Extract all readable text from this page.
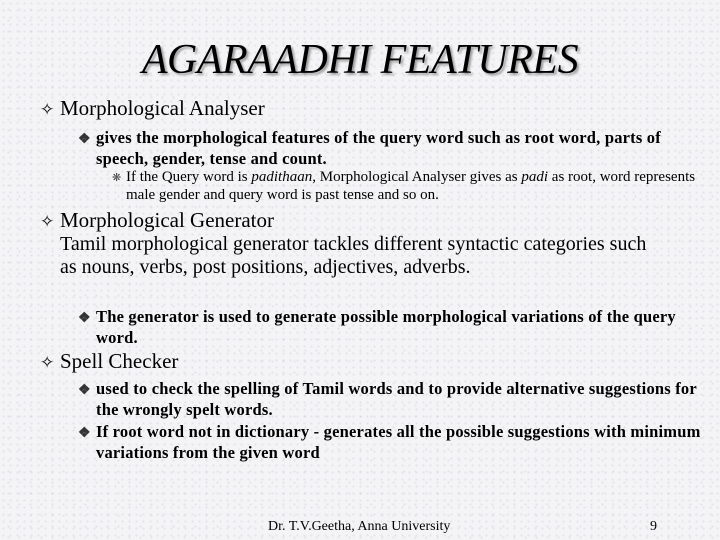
AGARAADHI FEATURES
✧ Morphological Analyser
❖ gives the morphological features of the query word such as root word, parts of speech, gender, tense and count.
❋ If the Query word is padithaan, Morphological Analyser gives as padi as root, word represents male gender and query word is past tense and so on.
✧ Morphological Generator
Tamil morphological generator tackles different syntactic categories such as nouns, verbs, post positions, adjectives, adverbs.
❖ The generator is used to generate possible morphological variations of the query word.
✧ Spell Checker
❖ used to check the spelling of Tamil words and to provide alternative suggestions for the wrongly spelt words.
❖ If root word not in dictionary - generates all the possible suggestions with minimum variations from the given word
Dr. T.V.Geetha, Anna University	9
